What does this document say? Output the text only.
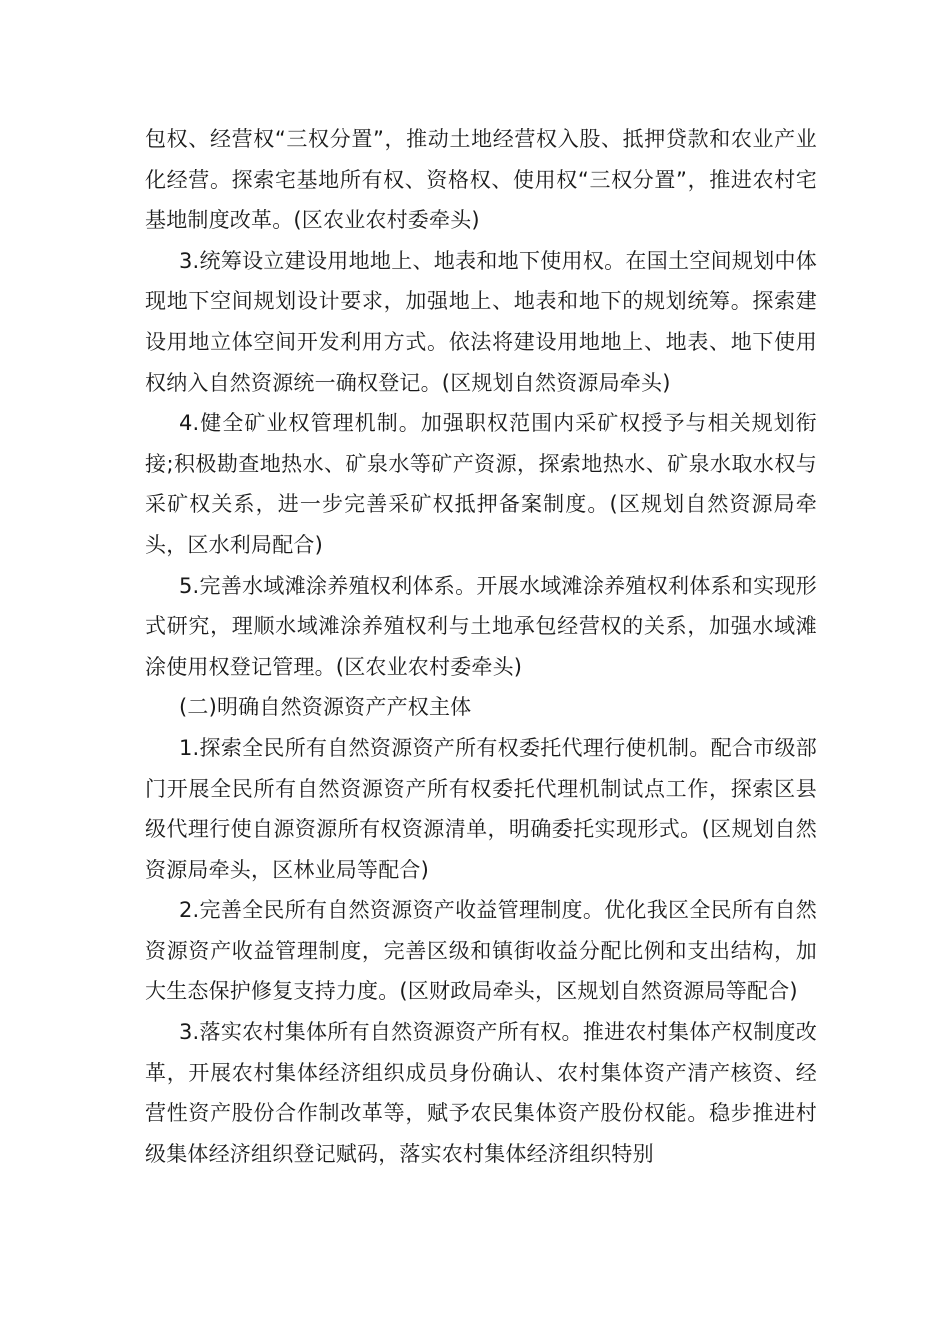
包权、经营权“三权分置”，推动土地经营权入股、抵押贷款和农业产业化经营。探索宅基地所有权、资格权、使用权“三权分置”，推进农村宅基地制度改革。(区农业农村委牵头)

3.统筹设立建设用地地上、地表和地下使用权。在国土空间规划中体现地下空间规划设计要求，加强地上、地表和地下的规划统筹。探索建设用地立体空间开发利用方式。依法将建设用地地上、地表、地下使用权纳入自然资源统一确权登记。(区规划自然资源局牵头)

4.健全矿业权管理机制。加强职权范围内采矿权授予与相关规划衔接;积极勘查地热水、矿泉水等矿产资源，探索地热水、矿泉水取水权与采矿权关系，进一步完善采矿权抵押备案制度。(区规划自然资源局牵头，区水利局配合)

5.完善水域滩涂养殖权利体系。开展水域滩涂养殖权利体系和实现形式研究，理顺水域滩涂养殖权利与土地承包经营权的关系，加强水域滩涂使用权登记管理。(区农业农村委牵头)

(二)明确自然资源资产产权主体

1.探索全民所有自然资源资产所有权委托代理行使机制。配合市级部门开展全民所有自然资源资产所有权委托代理机制试点工作，探索区县级代理行使自源资源所有权资源清单，明确委托实现形式。(区规划自然资源局牵头，区林业局等配合)

2.完善全民所有自然资源资产收益管理制度。优化我区全民所有自然资源资产收益管理制度，完善区级和镇街收益分配比例和支出结构，加大生态保护修复支持力度。(区财政局牵头，区规划自然资源局等配合)

3.落实农村集体所有自然资源资产所有权。推进农村集体产权制度改革，开展农村集体经济组织成员身份确认、农村集体资产清产核资、经营性资产股份合作制改革等，赋予农民集体资产股份权能。稳步推进村级集体经济组织登记赋码，落实农村集体经济组织特别
